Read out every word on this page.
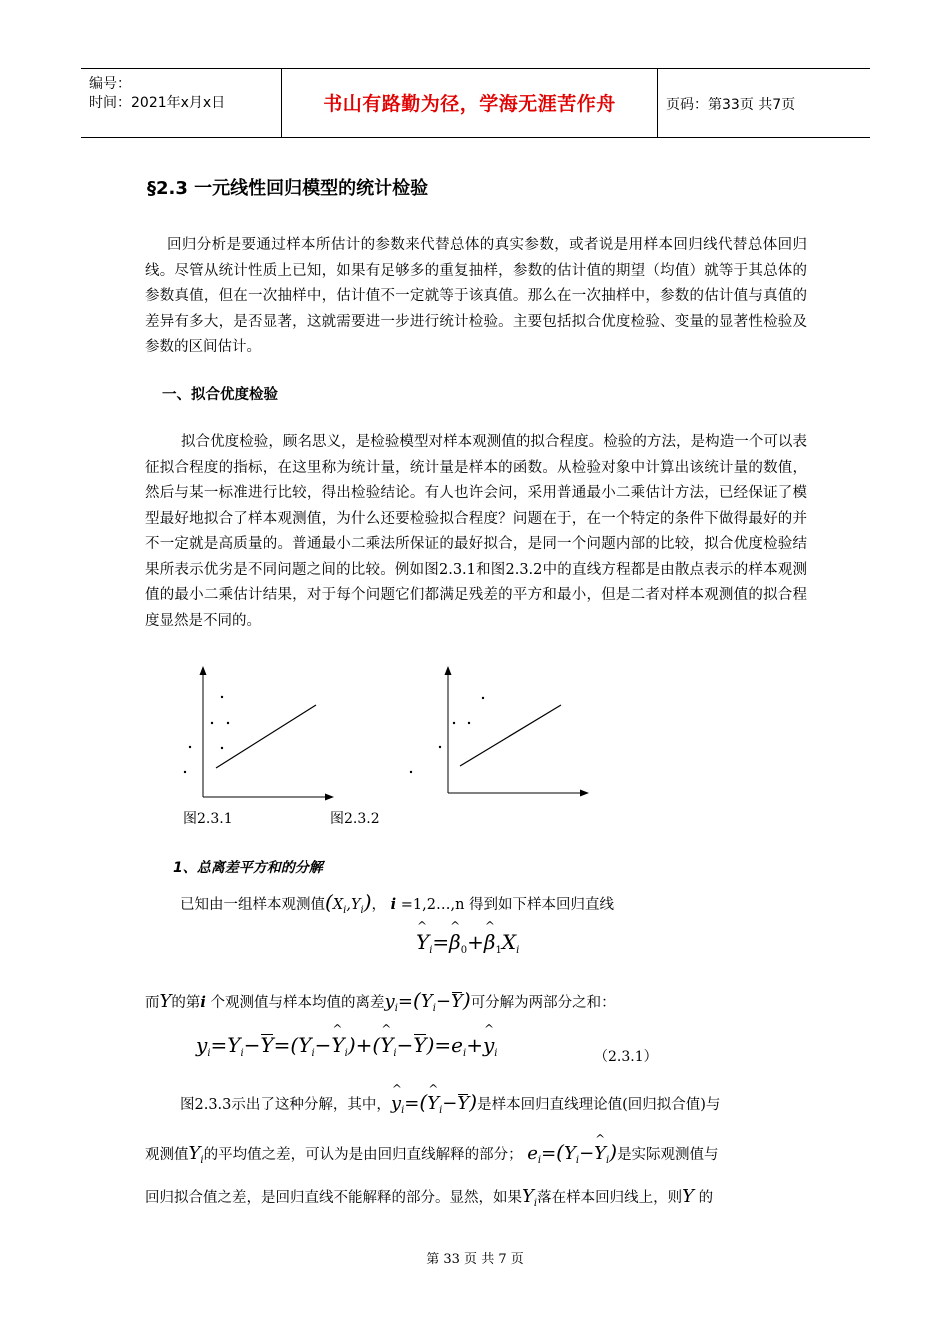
编号：
时间：2021年x月x日	书山有路勤为径，学海无涯苦作舟	页码：第33页 共7页
§2.3 一元线性回归模型的统计检验
回归分析是要通过样本所估计的参数来代替总体的真实参数，或者说是用样本回归线代替总体回归线。尽管从统计性质上已知，如果有足够多的重复抽样，参数的估计值的期望（均值）就等于其总体的参数真值，但在一次抽样中，估计值不一定就等于该真值。那么在一次抽样中，参数的估计值与真值的差异有多大，是否显著，这就需要进一步进行统计检验。主要包括拟合优度检验、变量的显著性检验及参数的区间估计。
一、拟合优度检验
拟合优度检验，顾名思义，是检验模型对样本观测值的拟合程度。检验的方法，是构造一个可以表征拟合程度的指标，在这里称为统计量，统计量是样本的函数。从检验对象中计算出该统计量的数值，然后与某一标准进行比较，得出检验结论。有人也许会问，采用普通最小二乘估计方法，已经保证了模型最好地拟合了样本观测值，为什么还要检验拟合程度？问题在于，在一个特定的条件下做得最好的并不一定就是高质量的。普通最小二乘法所保证的最好拟合，是同一个问题内部的比较，拟合优度检验结果所表示优劣是不同问题之间的比较。例如图2.3.1和图2.3.2中的直线方程都是由散点表示的样本观测值的最小二乘估计结果，对于每个问题它们都满足残差的平方和最小，但是二者对样本观测值的拟合程度显然是不同的。
图2.3.1	图2.3.2
1、总离差平方和的分解
已知由一组样本观测值$(X_i,Y_i)$， i =1,2…,n 得到如下样本回归直线
^ $Y_i=\^{}$ $\beta_0+\^{}$ $\beta_1X_i$
而Y的第i 个观测值与样本均值的离差$y_i=(Y_i-Y)$可分解为两部分之和：
$y_i=Y_i-Y=(Y_i-\^{}$ $Y_i)+(\^{}$ $Y_i-Y)=e_i+\^{}$ $y_i$	（2.3.1）
图2.3.3示出了这种分解，其中，^ $y_i=(\^{}$ $Y_i-Y$)是样本回归直线理论值(回归拟合值)与
观测值$Y_i$的平均值之差，可认为是由回归直线解释的部分； $e_i=(Y_i-\^{}$ $Y_i$)是实际观测值与
回归拟合值之差，是回归直线不能解释的部分。显然，如果$Y_i$落在样本回归线上，则Y 的
第 33 页 共 7 页
